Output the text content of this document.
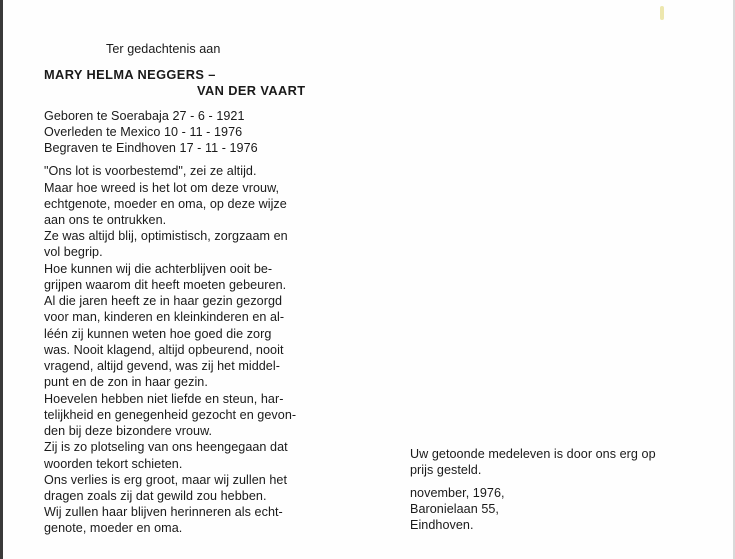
Ter gedachtenis aan
MARY HELMA NEGGERS –
VAN DER VAART
Geboren te Soerabaja 27 - 6 - 1921
Overleden te Mexico 10 - 11 - 1976
Begraven te Eindhoven 17 - 11 - 1976
"Ons lot is voorbestemd", zei ze altijd.
Maar hoe wreed is het lot om deze vrouw,
echtgenote, moeder en oma, op deze wijze
aan ons te ontrukken.
Ze was altijd blij, optimistisch, zorgzaam en
vol begrip.
Hoe kunnen wij die achterblijven ooit be-
grijpen waarom dit heeft moeten gebeuren.
Al die jaren heeft ze in haar gezin gezorgd
voor man, kinderen en kleinkinderen en al-
léén zij kunnen weten hoe goed die zorg
was. Nooit klagend, altijd opbeurend, nooit
vragend, altijd gevend, was zij het middel-
punt en de zon in haar gezin.
Hoevelen hebben niet liefde en steun, har-
telijkheid en genegenheid gezocht en gevon-
den bij deze bizondere vrouw.
Zij is zo plotseling van ons heengegaan dat
woorden tekort schieten.
Ons verlies is erg groot, maar wij zullen het
dragen zoals zij dat gewild zou hebben.
Wij zullen haar blijven herinneren als echt-
genote, moeder en oma.
Uw getoonde medeleven is door ons erg op
prijs gesteld.
november, 1976,
Baronielaan 55,
Eindhoven.
